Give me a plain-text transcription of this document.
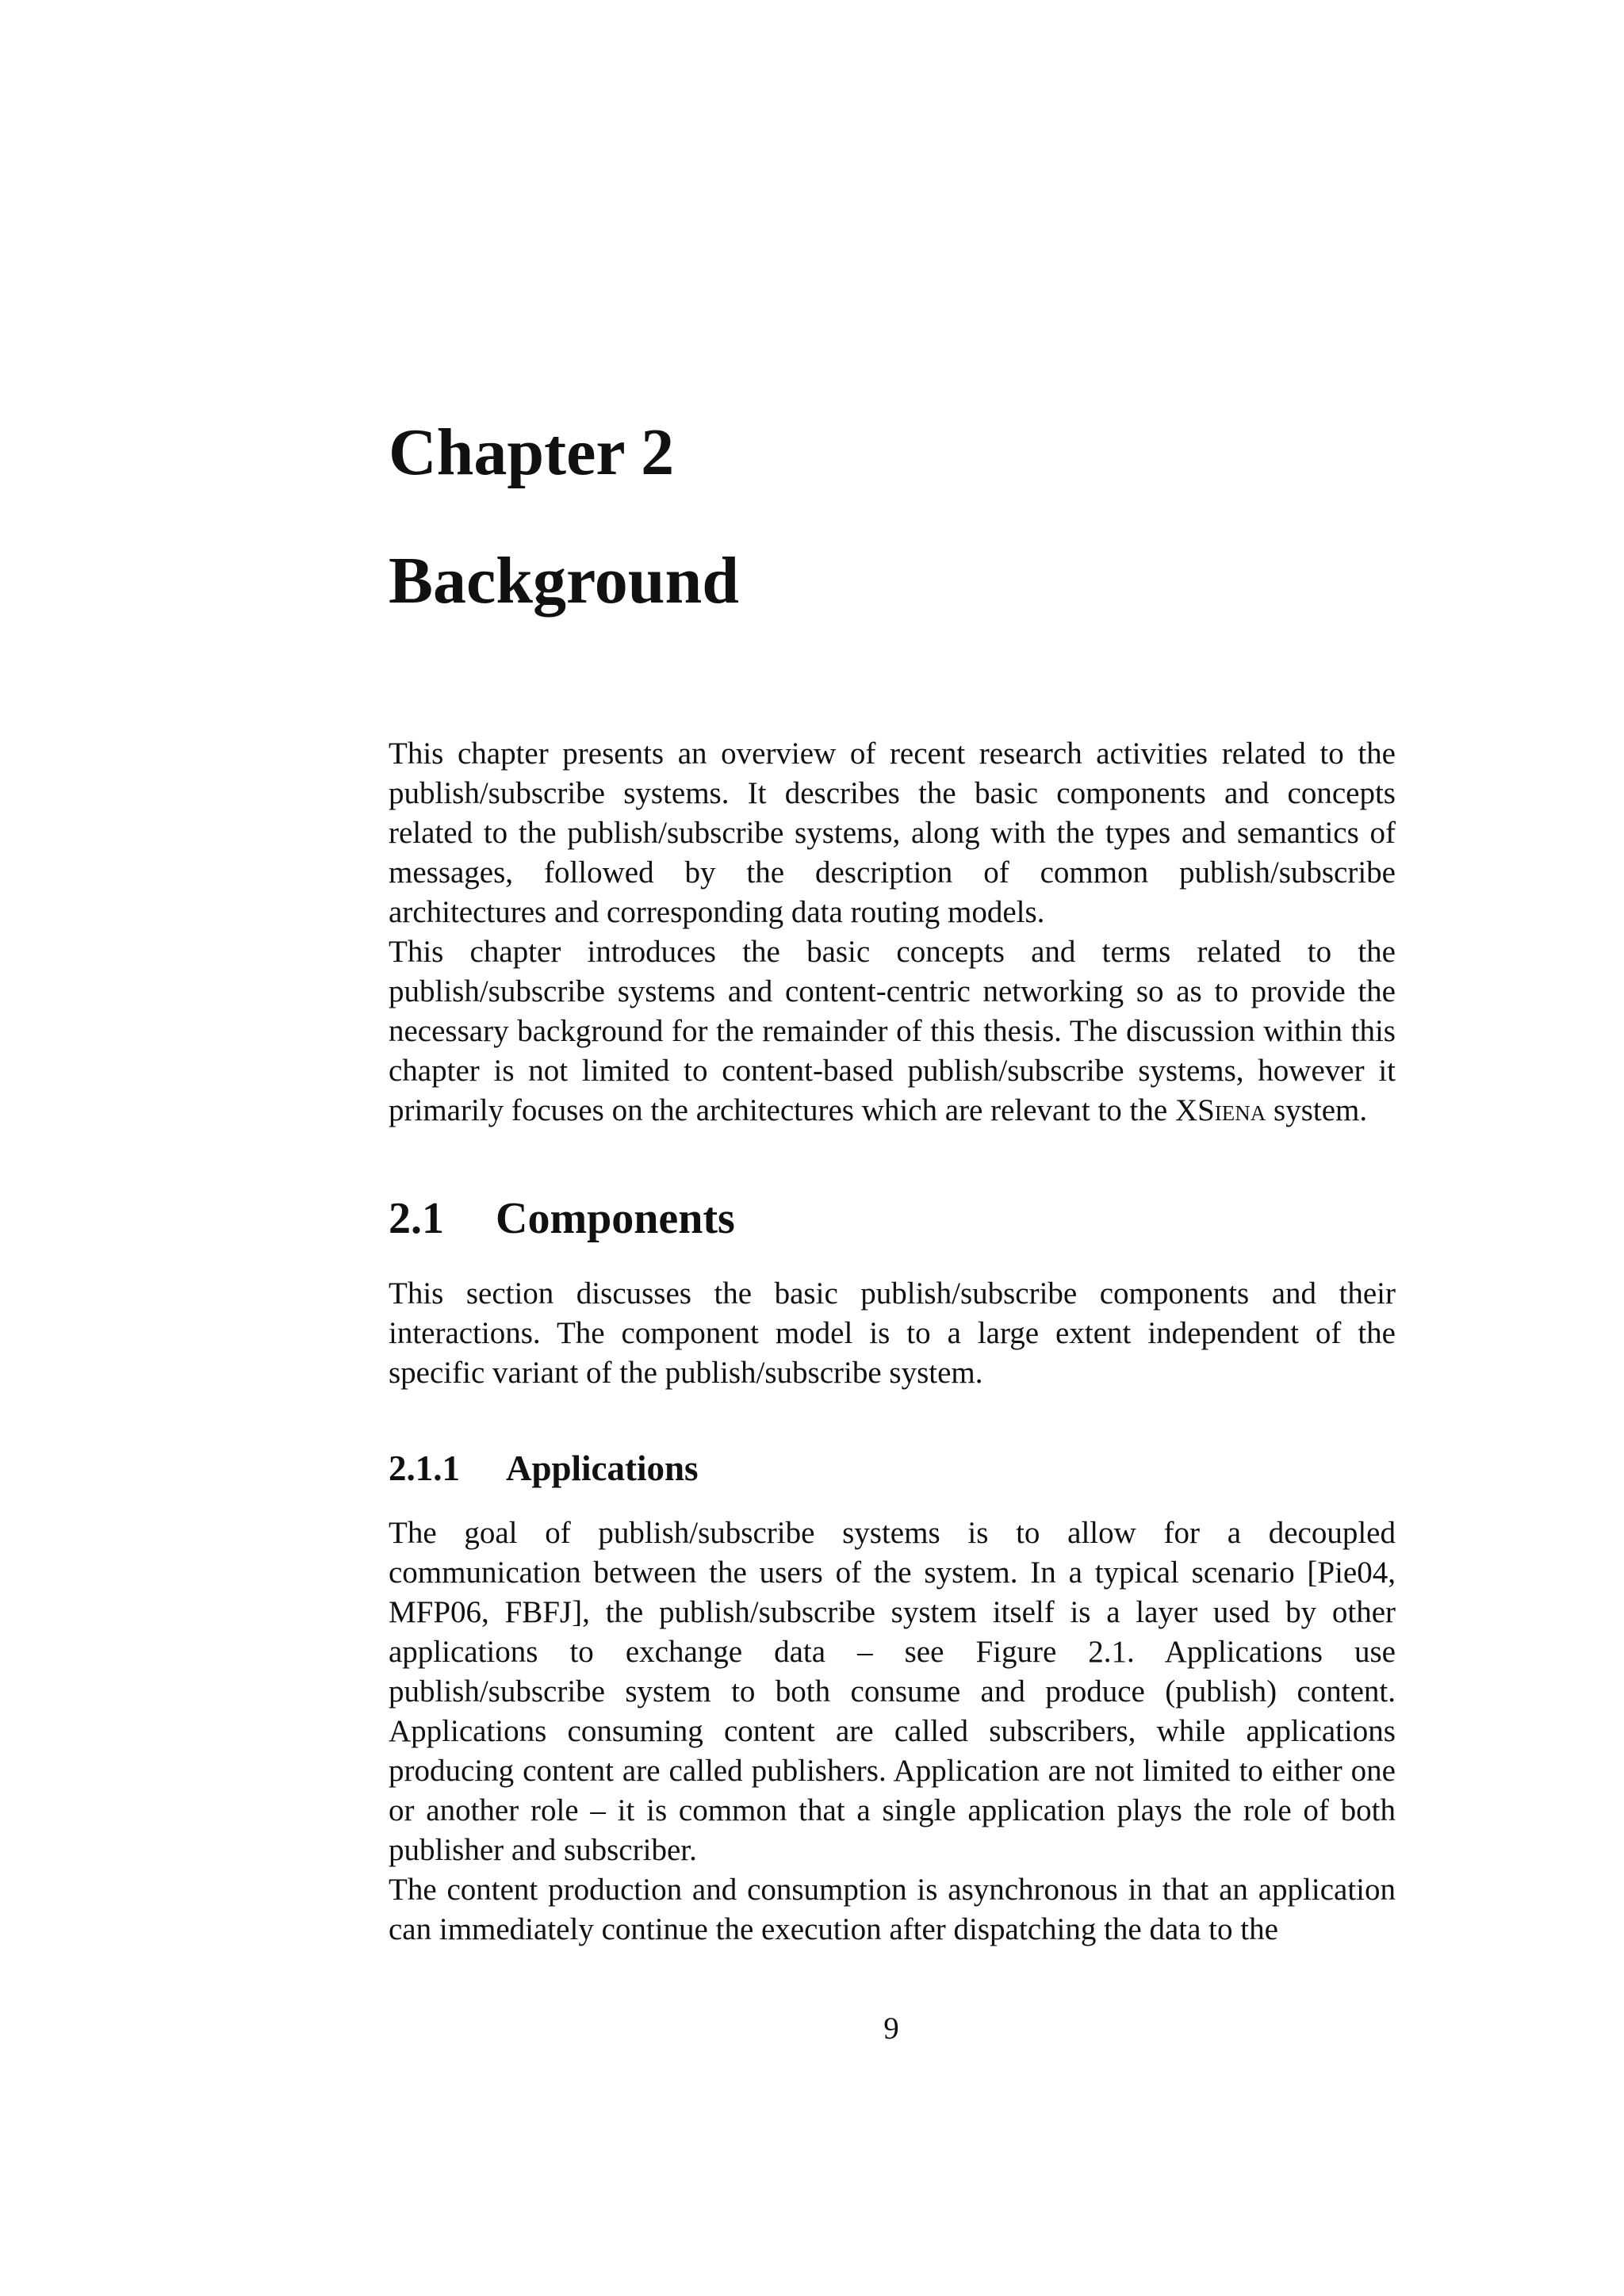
Chapter 2
Background

This chapter presents an overview of recent research activities related to the publish/subscribe systems. It describes the basic components and concepts related to the publish/subscribe systems, along with the types and semantics of messages, followed by the description of common publish/subscribe architectures and corresponding data routing models.

This chapter introduces the basic concepts and terms related to the publish/subscribe systems and content-centric networking so as to provide the necessary background for the remainder of this thesis. The discussion within this chapter is not limited to content-based publish/subscribe systems, however it primarily focuses on the architectures which are relevant to the XSiena system.

2.1 Components

This section discusses the basic publish/subscribe components and their interactions. The component model is to a large extent independent of the specific variant of the publish/subscribe system.

2.1.1 Applications

The goal of publish/subscribe systems is to allow for a decoupled communication between the users of the system. In a typical scenario [Pie04, MFP06, FBFJ], the publish/subscribe system itself is a layer used by other applications to exchange data – see Figure 2.1. Applications use publish/subscribe system to both consume and produce (publish) content. Applications consuming content are called subscribers, while applications producing content are called publishers. Application are not limited to either one or another role – it is common that a single application plays the role of both publisher and subscriber.

The content production and consumption is asynchronous in that an application can immediately continue the execution after dispatching the data to the

9
